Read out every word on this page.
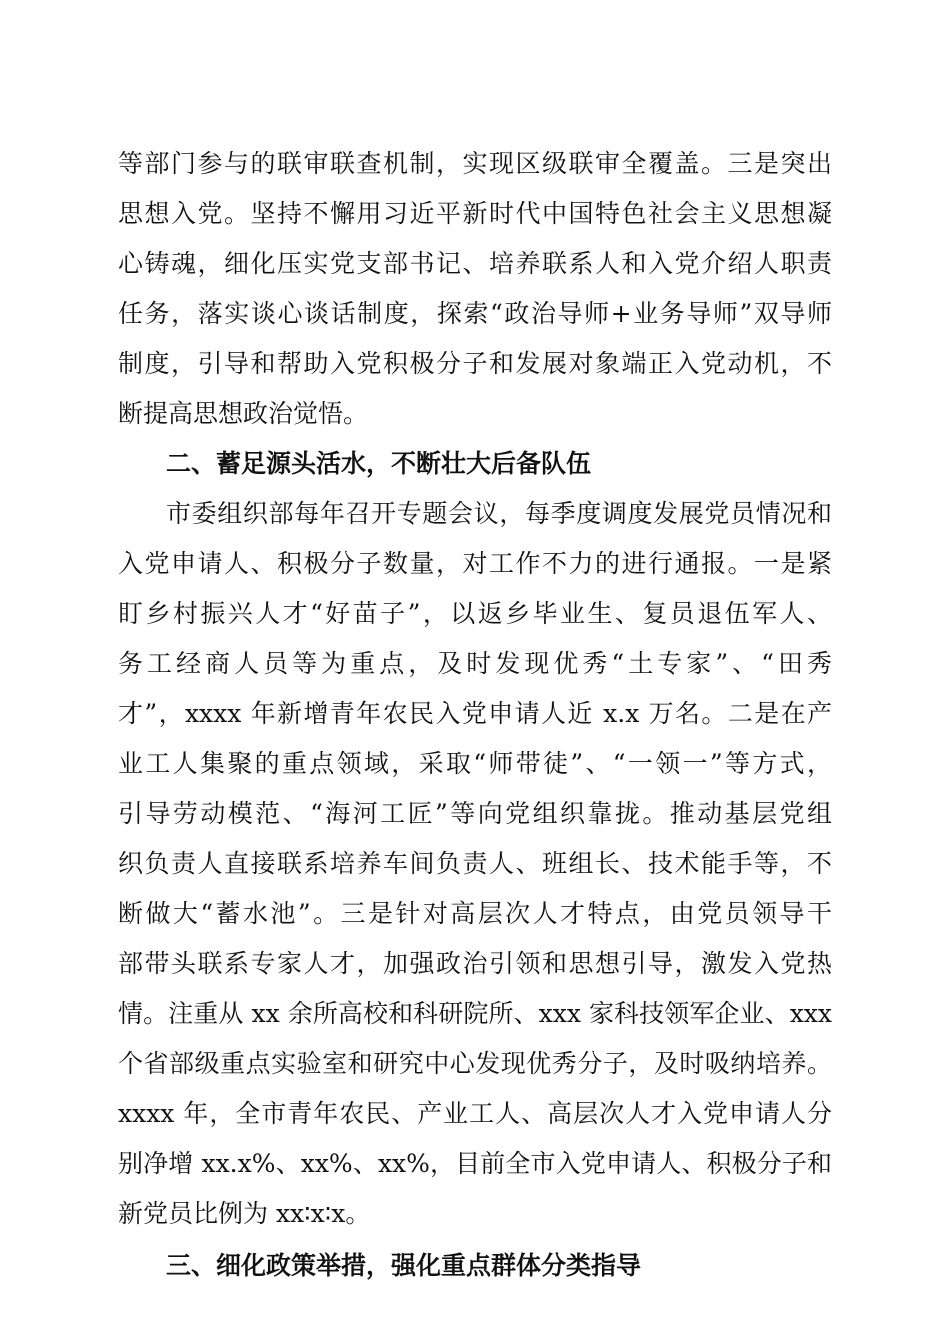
等部门参与的联审联查机制，实现区级联审全覆盖。三是突出
思想入党。坚持不懈用习近平新时代中国特色社会主义思想凝
心铸魂，细化压实党支部书记、培养联系人和入党介绍人职责
任务，落实谈心谈话制度，探索“政治导师+业务导师”双导师
制度，引导和帮助入党积极分子和发展对象端正入党动机，不
断提高思想政治觉悟。
二、蓄足源头活水，不断壮大后备队伍
市委组织部每年召开专题会议，每季度调度发展党员情况和
入党申请人、积极分子数量，对工作不力的进行通报。一是紧
盯乡村振兴人才“好苗子”，以返乡毕业生、复员退伍军人、
务工经商人员等为重点，及时发现优秀“土专家”、“田秀
才”，xxxx 年新增青年农民入党申请人近 x.x 万名。二是在产
业工人集聚的重点领域，采取“师带徒”、“一领一”等方式，
引导劳动模范、“海河工匠”等向党组织靠拢。推动基层党组
织负责人直接联系培养车间负责人、班组长、技术能手等，不
断做大“蓄水池”。三是针对高层次人才特点，由党员领导干
部带头联系专家人才，加强政治引领和思想引导，激发入党热
情。注重从 xx 余所高校和科研院所、xxx 家科技领军企业、xxx
个省部级重点实验室和研究中心发现优秀分子，及时吸纳培养。
xxxx 年，全市青年农民、产业工人、高层次人才入党申请人分
别净增 xx.x%、xx%、xx%，目前全市入党申请人、积极分子和
新党员比例为 xx∶x∶x。
三、细化政策举措，强化重点群体分类指导
